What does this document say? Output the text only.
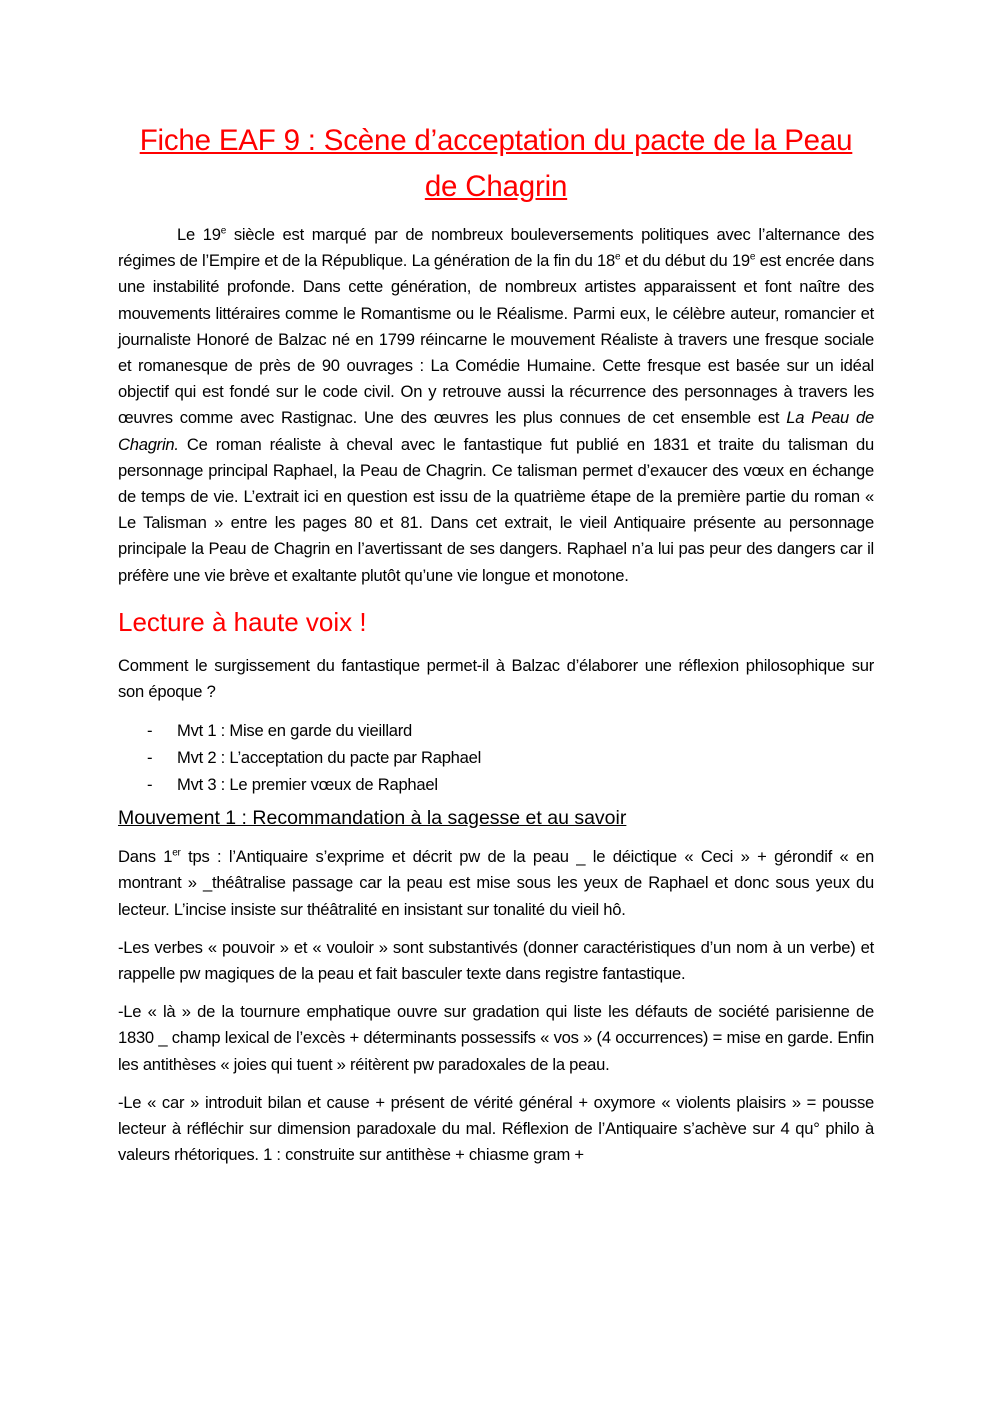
Fiche EAF 9 : Scène d’acceptation du pacte de la Peau
de Chagrin

Le 19e siècle est marqué par de nombreux bouleversements politiques avec l’alternance des régimes de l’Empire et de la République. La génération de la fin du 18e et du début du 19e est encrée dans une instabilité profonde. Dans cette génération, de nombreux artistes apparaissent et font naître des mouvements littéraires comme le Romantisme ou le Réalisme. Parmi eux, le célèbre auteur, romancier et journaliste Honoré de Balzac né en 1799 réincarne le mouvement Réaliste à travers une fresque sociale et romanesque de près de 90 ouvrages : La Comédie Humaine. Cette fresque est basée sur un idéal objectif qui est fondé sur le code civil. On y retrouve aussi la récurrence des personnages à travers les œuvres comme avec Rastignac. Une des œuvres les plus connues de cet ensemble est La Peau de Chagrin. Ce roman réaliste à cheval avec le fantastique fut publié en 1831 et traite du talisman du personnage principal Raphael, la Peau de Chagrin. Ce talisman permet d’exaucer des vœux en échange de temps de vie. L’extrait ici en question est issu de la quatrième étape de la première partie du roman « Le Talisman » entre les pages 80 et 81. Dans cet extrait, le vieil Antiquaire présente au personnage principale la Peau de Chagrin en l’avertissant de ses dangers. Raphael n’a lui pas peur des dangers car il préfère une vie brève et exaltante plutôt qu’une vie longue et monotone.

Lecture à haute voix !

Comment le surgissement du fantastique permet-il à Balzac d’élaborer une réflexion philosophique sur son époque ?

- Mvt 1 : Mise en garde du vieillard
- Mvt 2 : L’acceptation du pacte par Raphael
- Mvt 3 : Le premier vœux de Raphael
Mouvement 1 : Recommandation à la sagesse et au savoir

Dans 1er tps : l’Antiquaire s’exprime et décrit pw de la peau _ le déictique « Ceci » + gérondif « en montrant » _théâtralise passage car la peau est mise sous les yeux de Raphael et donc sous yeux du lecteur. L’incise insiste sur théâtralité en insistant sur tonalité du vieil hô.

-Les verbes « pouvoir » et « vouloir » sont substantivés (donner caractéristiques d’un nom à un verbe) et rappelle pw magiques de la peau et fait basculer texte dans registre fantastique.

-Le « là » de la tournure emphatique ouvre sur gradation qui liste les défauts de société parisienne de 1830 _ champ lexical de l’excès + déterminants possessifs « vos » (4 occurrences) = mise en garde. Enfin les antithèses « joies qui tuent » réitèrent pw paradoxales de la peau.

-Le « car » introduit bilan et cause + présent de vérité général + oxymore « violents plaisirs » = pousse lecteur à réfléchir sur dimension paradoxale du mal. Réflexion de l’Antiquaire s’achève sur 4 qu° philo à valeurs rhétoriques. 1 : construite sur antithèse + chiasme gram +
